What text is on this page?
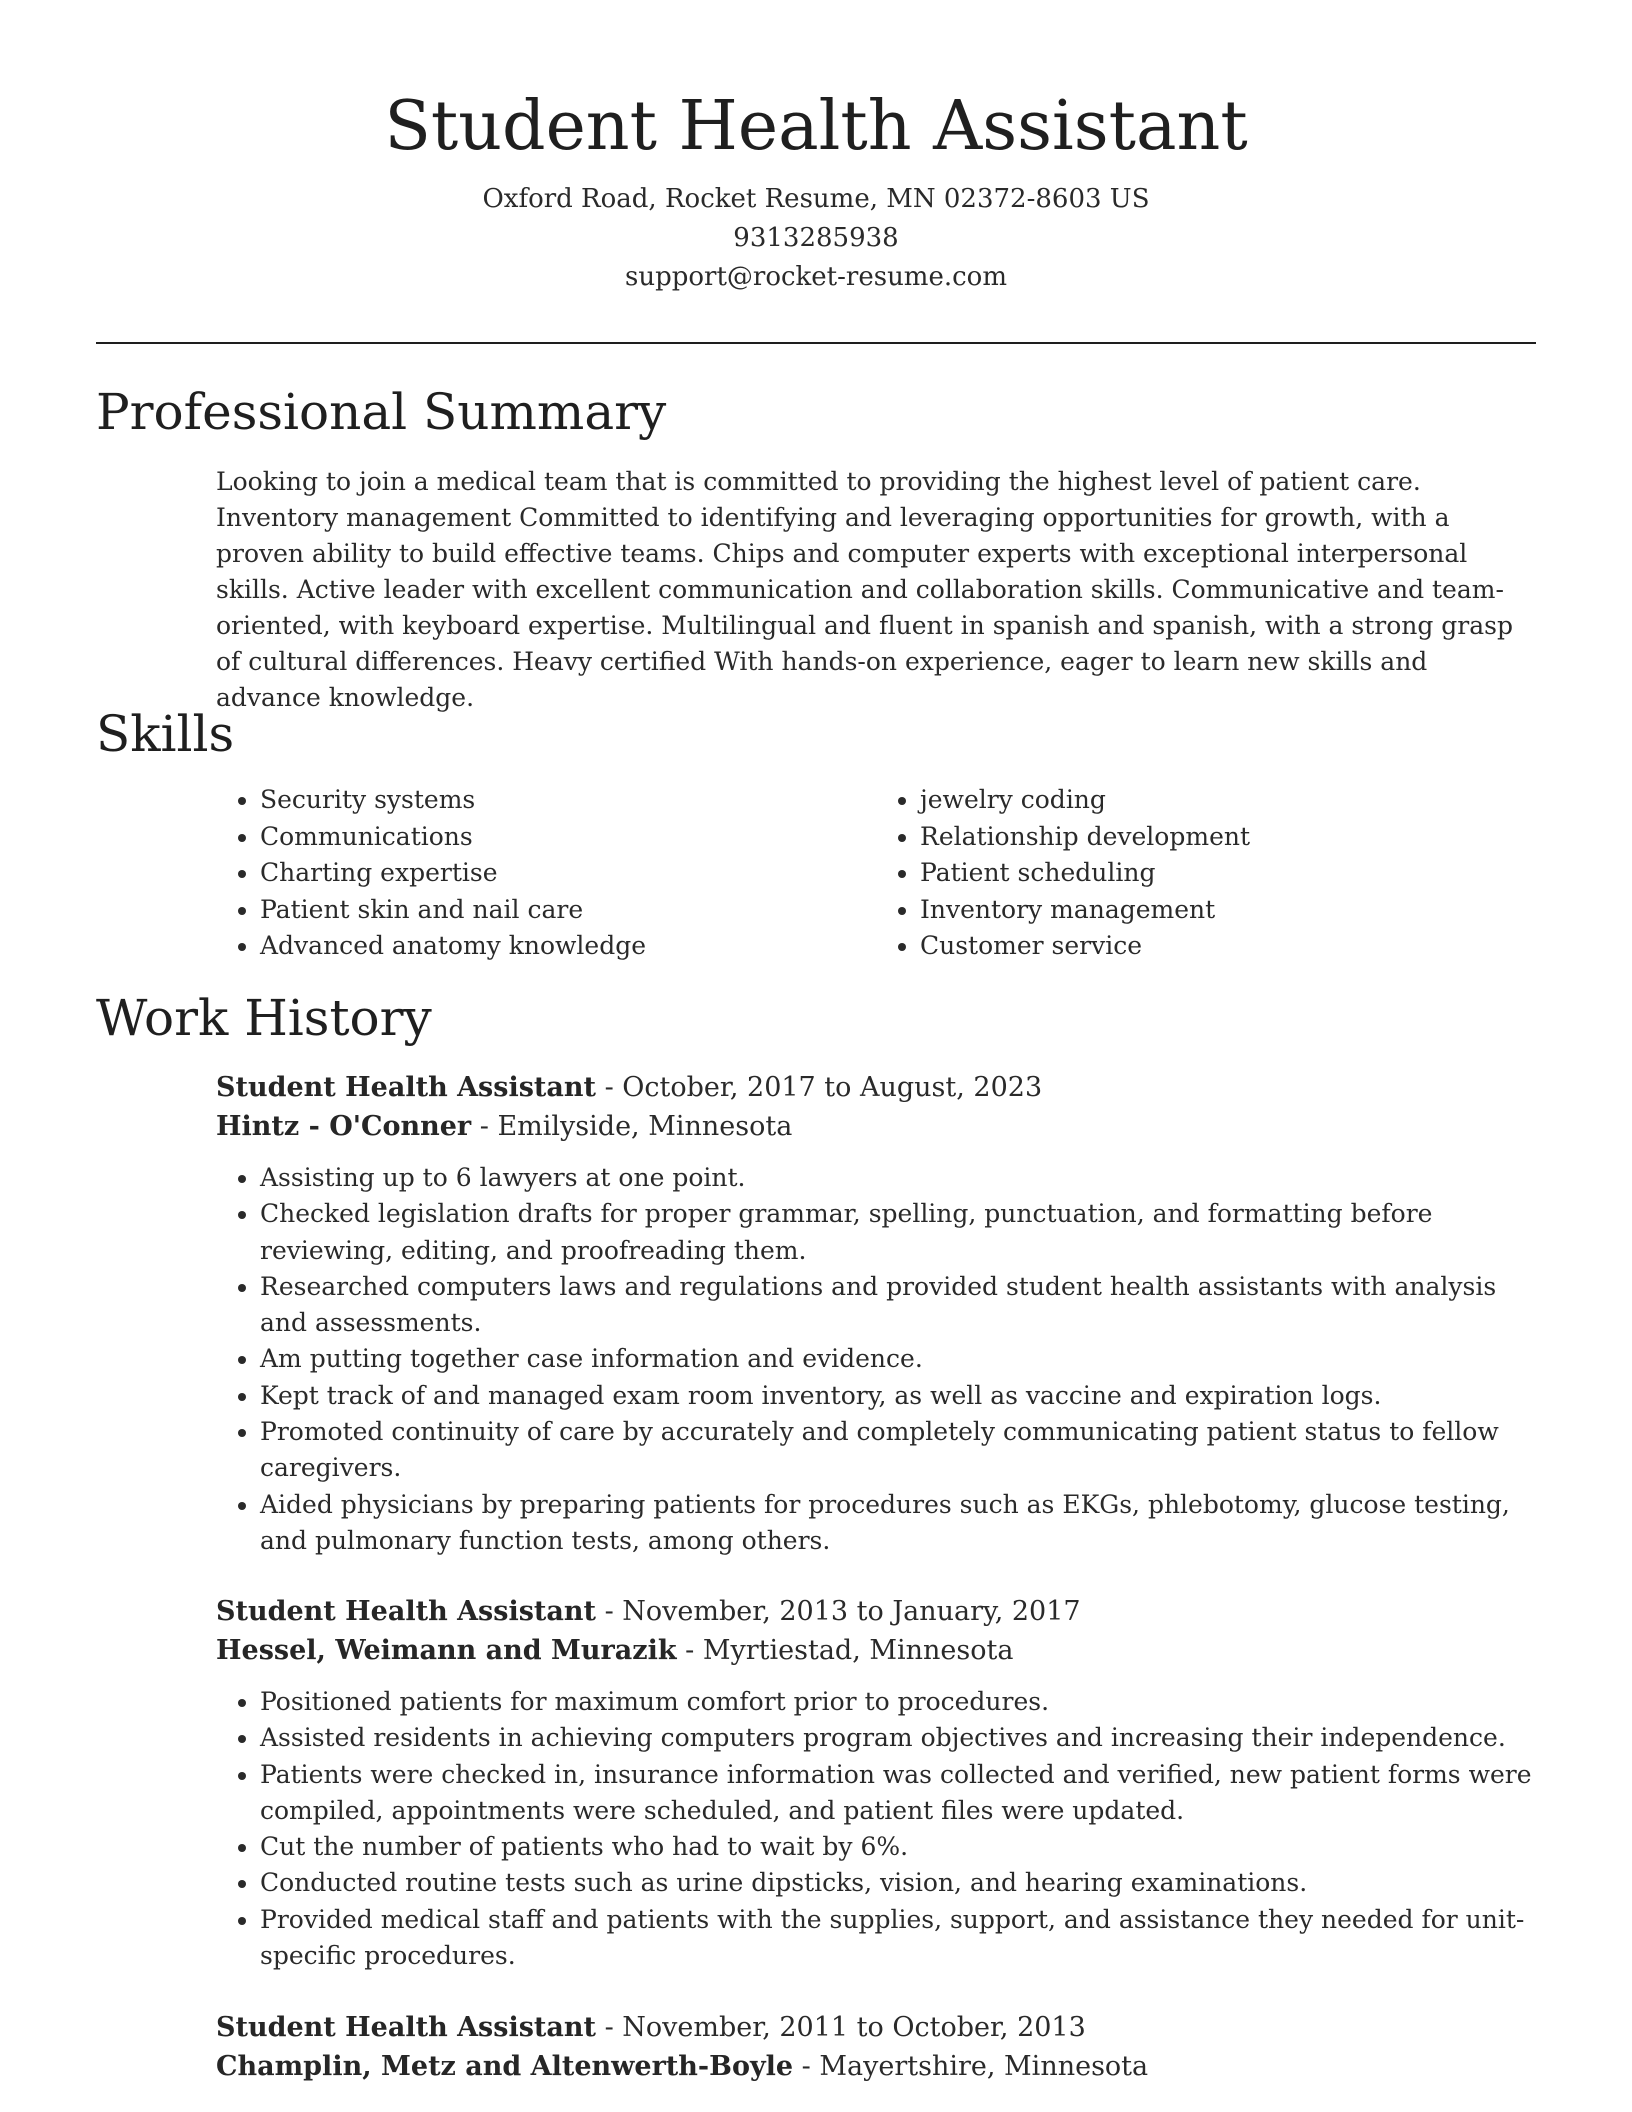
Student Health Assistant
Oxford Road, Rocket Resume, MN 02372-8603 US
9313285938
support@rocket-resume.com
Professional Summary

Looking to join a medical team that is committed to providing the highest level of patient care. Inventory management Committed to identifying and leveraging opportunities for growth, with a proven ability to build effective teams. Chips and computer experts with exceptional interpersonal skills. Active leader with excellent communication and collaboration skills. Communicative and team-oriented, with keyboard expertise. Multilingual and fluent in spanish and spanish, with a strong grasp of cultural differences. Heavy certified With hands-on experience, eager to learn new skills and advance knowledge.

Skills
• Security systems
• Communications
• Charting expertise
• Patient skin and nail care
• Advanced anatomy knowledge
• jewelry coding
• Relationship development
• Patient scheduling
• Inventory management
• Customer service
Work History
Student Health Assistant - October, 2017 to August, 2023
Hintz - O'Conner - Emilyside, Minnesota
• Assisting up to 6 lawyers at one point.
• Checked legislation drafts for proper grammar, spelling, punctuation, and formatting before reviewing, editing, and proofreading them.
• Researched computers laws and regulations and provided student health assistants with analysis and assessments.
• Am putting together case information and evidence.
• Kept track of and managed exam room inventory, as well as vaccine and expiration logs.
• Promoted continuity of care by accurately and completely communicating patient status to fellow caregivers.
• Aided physicians by preparing patients for procedures such as EKGs, phlebotomy, glucose testing, and pulmonary function tests, among others.
Student Health Assistant - November, 2013 to January, 2017
Hessel, Weimann and Murazik - Myrtiestad, Minnesota
• Positioned patients for maximum comfort prior to procedures.
• Assisted residents in achieving computers program objectives and increasing their independence.
• Patients were checked in, insurance information was collected and verified, new patient forms were compiled, appointments were scheduled, and patient files were updated.
• Cut the number of patients who had to wait by 6%.
• Conducted routine tests such as urine dipsticks, vision, and hearing examinations.
• Provided medical staff and patients with the supplies, support, and assistance they needed for unit-specific procedures.
Student Health Assistant - November, 2011 to October, 2013
Champlin, Metz and Altenwerth-Boyle - Mayertshire, Minnesota
